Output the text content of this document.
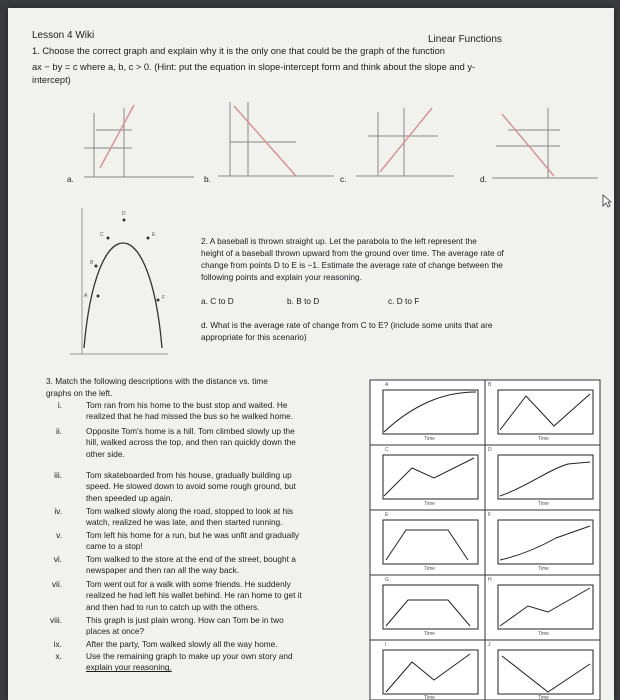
Lesson 4 Wiki	Linear Functions
1. Choose the correct graph and explain why it is the only one that could be the graph of the function
ax − by = c where a, b, c > 0. (Hint: put the equation in slope-intercept form and think about the slope and y-
intercept)
a.	b.	c.	d.
A
B
C
D
E
F
2. A baseball is thrown straight up. Let the parabola to the left represent the
height of a baseball thrown upward from the ground over time. The average rate of
change from points D to E is −1. Estimate the average rate of change between the
following points and explain your reasoning.
a. C to D	b. B to D	c. D to F
d. What is the average rate of change from C to E? (include some units that are
appropriate for this scenario)
3. Match the following descriptions with the distance vs. time
graphs on the left.
i.	Tom ran from his home to the bust stop and waited. He
realized that he had missed the bus so he walked home.
ii.	Opposite Tom's home is a hill. Tom climbed slowly up the
hill, walked across the top, and then ran quickly down the
other side.
iii.	Tom skateboarded from his house, gradually building up
speed. He slowed down to avoid some rough ground, but
then speeded up again.
iv.	Tom walked slowly along the road, stopped to look at his
watch, realized he was late, and then started running.
v.	Tom left his home for a run, but he was unfit and gradually
came to a stop!
vi.	Tom walked to the store at the end of the street, bought a
newspaper and then ran all the way back.
vii.	Tom went out for a walk with some friends. He suddenly
realized he had left his wallet behind. He ran home to get it
and then had to run to catch up with the others.
viii.	This graph is just plain wrong. How can Tom be in two
places at once?
ix.	After the party, Tom walked slowly all the way home.
x.	Use the remaining graph to make up your own story and
explain your reasoning.
A	B
C	D
E	F
G	H
I	J
Time	Time
Time	Time
Time	Time
Time	Time
Time	Time
